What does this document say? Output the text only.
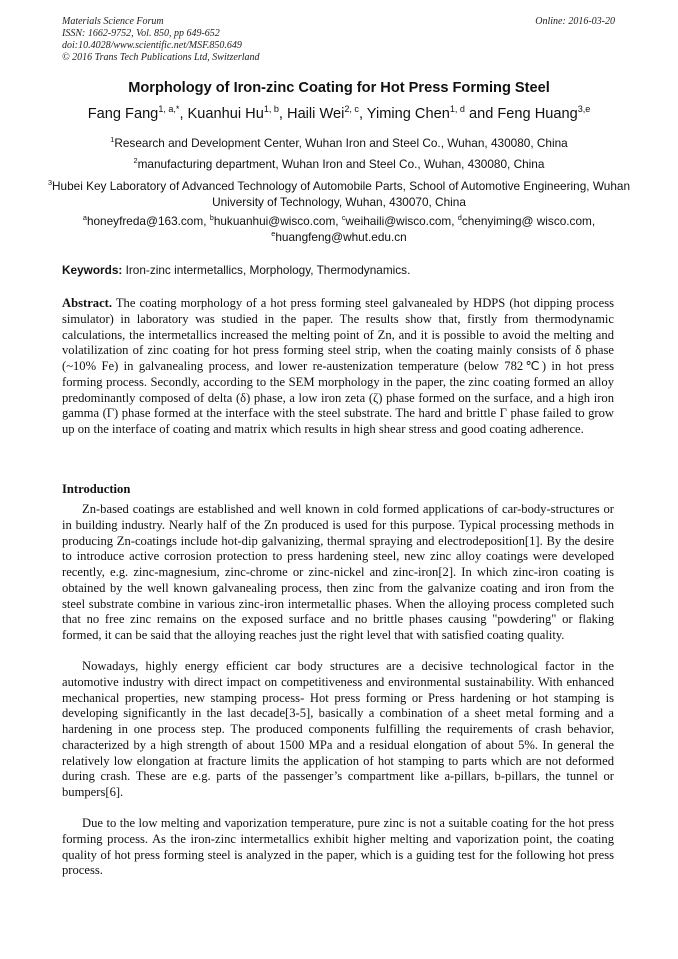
Materials Science Forum
ISSN: 1662-9752, Vol. 850, pp 649-652
doi:10.4028/www.scientific.net/MSF.850.649
© 2016 Trans Tech Publications Ltd, Switzerland
Online: 2016-03-20
Morphology of Iron-zinc Coating for Hot Press Forming Steel
Fang Fang$^{1, a,*}$, Kuanhui Hu$^{1, b}$, Haili Wei$^{2, c}$, Yiming Chen$^{1, d}$ and Feng Huang$^{3,e}$
$^1$Research and Development Center, Wuhan Iron and Steel Co., Wuhan, 430080, China
$^2$manufacturing department, Wuhan Iron and Steel Co., Wuhan, 430080, China
$^3$Hubei Key Laboratory of Advanced Technology of Automobile Parts, School of Automotive Engineering, Wuhan University of Technology, Wuhan, 430070, China
$^a$honeyfreda@163.com, $^b$hukuanhui@wisco.com, $^c$weihaili@wisco.com, $^d$chenyiming@ wisco.com,
$^e$huangfeng@whut.edu.cn
Keywords: Iron-zinc intermetallics, Morphology, Thermodynamics.
Abstract. The coating morphology of a hot press forming steel galvanealed by HDPS (hot dipping process simulator) in laboratory was studied in the paper. The results show that, firstly from thermodynamic calculations, the intermetallics increased the melting point of Zn, and it is possible to avoid the melting and volatilization of zinc coating for hot press forming steel strip, when the coating mainly consists of δ phase (~10% Fe) in galvanealing process, and lower re-austenization temperature (below 782℃) in hot press forming process. Secondly, according to the SEM morphology in the paper, the zinc coating formed an alloy predominantly composed of delta (δ) phase, a low iron zeta (ζ) phase formed on the surface, and a high iron gamma (Γ) phase formed at the interface with the steel substrate. The hard and brittle Γ phase failed to grow up on the interface of coating and matrix which results in high shear stress and good coating adherence.
Introduction

Zn-based coatings are established and well known in cold formed applications of car-body-structures or in building industry. Nearly half of the Zn produced is used for this purpose. Typical processing methods in producing Zn-coatings include hot-dip galvanizing, thermal spraying and electrodeposition[1]. By the desire to introduce active corrosion protection to press hardening steel, new zinc alloy coatings were developed recently, e.g. zinc-magnesium, zinc-chrome or zinc-nickel and zinc-iron[2]. In which zinc-iron coating is obtained by the well known galvanealing process, then zinc from the galvanize coating and iron from the steel substrate combine in various zinc-iron intermetallic phases. When the alloying process completed such that no free zinc remains on the exposed surface and no brittle phases causing "powdering" or flaking formed, it can be said that the alloying reaches just the right level that with satisfied coating quality.

Nowadays, highly energy efficient car body structures are a decisive technological factor in the automotive industry with direct impact on competitiveness and environmental sustainability. With enhanced mechanical properties, new stamping process- Hot press forming or Press hardening or hot stamping is developing significantly in the last decade[3-5], basically a combination of a sheet metal forming and a hardening in one process step. The produced components fulfilling the requirements of crash behavior, characterized by a high strength of about 1500 MPa and a residual elongation of about 5%. In general the relatively low elongation at fracture limits the application of hot stamping to parts which are not deformed during crash. These are e.g. parts of the passenger’s compartment like a-pillars, b-pillars, the tunnel or bumpers[6].

Due to the low melting and vaporization temperature, pure zinc is not a suitable coating for the hot press forming process. As the iron-zinc intermetallics exhibit higher melting and vaporization point, the coating quality of hot press forming steel is analyzed in the paper, which is a guiding test for the following hot press process.
